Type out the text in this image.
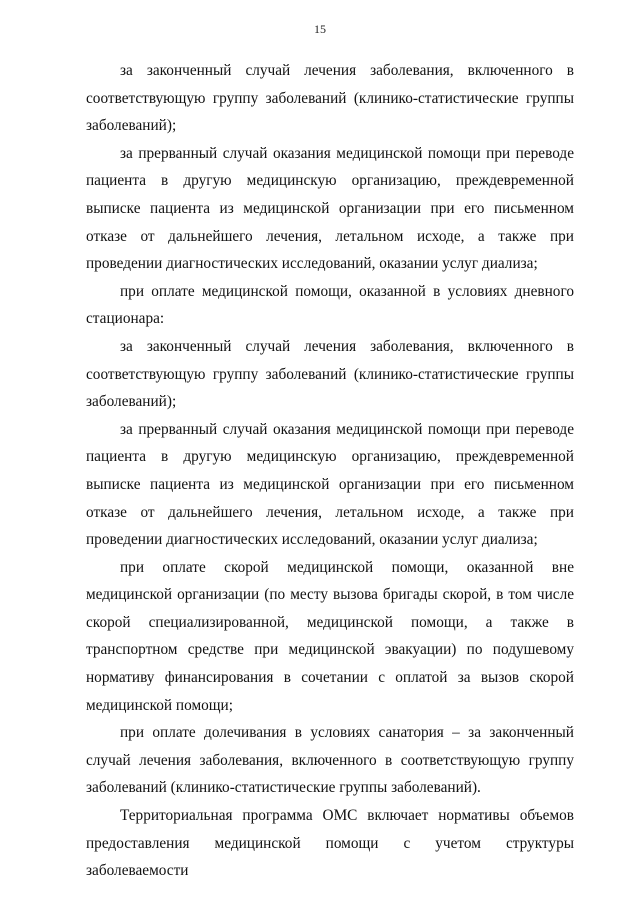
15

за законченный случай лечения заболевания, включенного в соответствующую группу заболеваний (клинико-статистические группы заболеваний);

за прерванный случай оказания медицинской помощи при переводе пациента в другую медицинскую организацию, преждевременной выписке пациента из медицинской организации при его письменном отказе от дальнейшего лечения, летальном исходе, а также при проведении диагностических исследований, оказании услуг диализа;

при оплате медицинской помощи, оказанной в условиях дневного стационара:

за законченный случай лечения заболевания, включенного в соответствующую группу заболеваний (клинико-статистические группы заболеваний);

за прерванный случай оказания медицинской помощи при переводе пациента в другую медицинскую организацию, преждевременной выписке пациента из медицинской организации при его письменном отказе от дальнейшего лечения, летальном исходе, а также при проведении диагностических исследований, оказании услуг диализа;

при оплате скорой медицинской помощи, оказанной вне медицинской организации (по месту вызова бригады скорой, в том числе скорой специализированной, медицинской помощи, а также в транспортном средстве при медицинской эвакуации) по подушевому нормативу финансирования в сочетании с оплатой за вызов скорой медицинской помощи;

при оплате долечивания в условиях санатория – за законченный случай лечения заболевания, включенного в соответствующую группу заболеваний (клинико-статистические группы заболеваний).

Территориальная программа ОМС включает нормативы объемов предоставления медицинской помощи с учетом структуры заболеваемости
